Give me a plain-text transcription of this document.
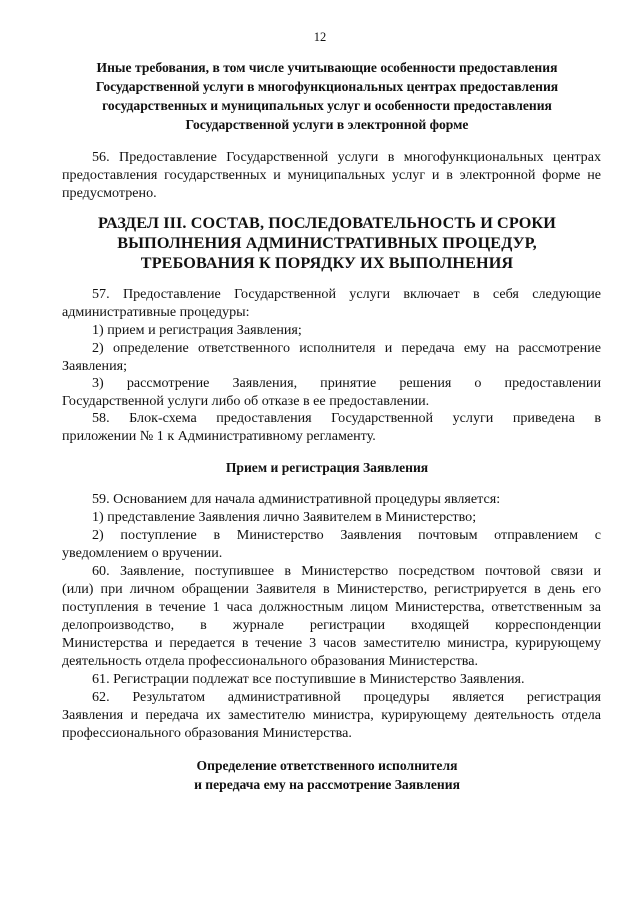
12
Иные требования, в том числе учитывающие особенности предоставления
Государственной услуги в многофункциональных центрах предоставления
государственных и муниципальных услуг и особенности предоставления
Государственной услуги в электронной форме
56. Предоставление Государственной услуги в многофункциональных центрах
предоставления государственных и муниципальных услуг и в электронной форме не
предусмотрено.
РАЗДЕЛ III. СОСТАВ, ПОСЛЕДОВАТЕЛЬНОСТЬ И СРОКИ
ВЫПОЛНЕНИЯ АДМИНИСТРАТИВНЫХ ПРОЦЕДУР,
ТРЕБОВАНИЯ К ПОРЯДКУ ИХ ВЫПОЛНЕНИЯ
57. Предоставление Государственной услуги включает в себя следующие
административные процедуры:
1) прием и регистрация Заявления;
2) определение ответственного исполнителя и передача ему на рассмотрение
Заявления;
3) рассмотрение Заявления, принятие решения о предоставлении
Государственной услуги либо об отказе в ее предоставлении.
58. Блок-схема предоставления Государственной услуги приведена в
приложении № 1 к Административному регламенту.
Прием и регистрация Заявления
59. Основанием для начала административной процедуры является:
1) представление Заявления лично Заявителем в Министерство;
2) поступление в Министерство Заявления почтовым отправлением с
уведомлением о вручении.
60. Заявление, поступившее в Министерство посредством почтовой связи и
(или) при личном обращении Заявителя в Министерство, регистрируется в день его
поступления в течение 1 часа должностным лицом Министерства, ответственным за
делопроизводство, в журнале регистрации входящей корреспонденции
Министерства и передается в течение 3 часов заместителю министра, курирующему
деятельность отдела профессионального образования Министерства.
61. Регистрации подлежат все поступившие в Министерство Заявления.
62. Результатом административной процедуры является регистрация
Заявления и передача их заместителю министра, курирующему деятельность отдела
профессионального образования Министерства.
Определение ответственного исполнителя
и передача ему на рассмотрение Заявления
